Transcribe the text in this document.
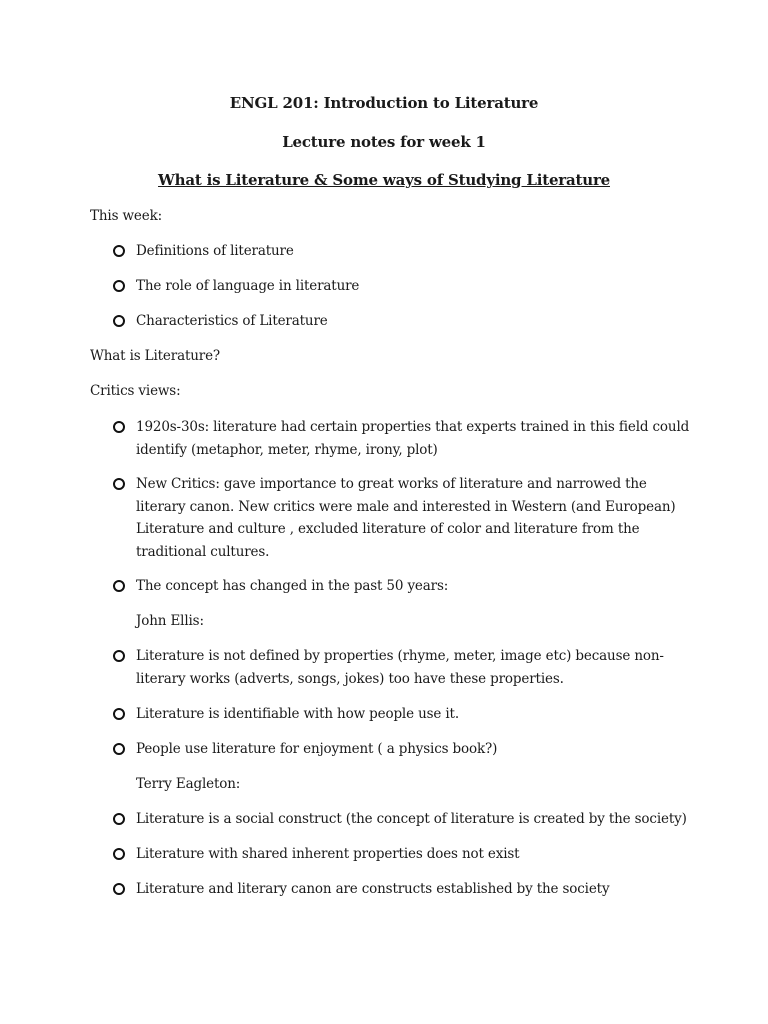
ENGL 201: Introduction to Literature
Lecture notes for week 1
What is Literature & Some ways of Studying Literature
This week:
Definitions of literature
The role of language in literature
Characteristics of Literature
What is Literature?
Critics views:
1920s-30s: literature had certain properties that experts trained in this field could identify (metaphor, meter, rhyme, irony, plot)
New Critics: gave importance to great works of literature and narrowed the literary canon. New critics were male and interested in Western (and European) Literature and culture , excluded literature of color and literature from the traditional cultures.
The concept has changed in the past 50 years:
John Ellis:
Literature is not defined by properties (rhyme, meter, image etc) because non-literary works (adverts, songs, jokes) too have these properties.
Literature is identifiable with how people use it.
People use literature for enjoyment ( a physics book?)
Terry Eagleton:
Literature is a social construct (the concept of literature is created by the society)
Literature with shared inherent properties does not exist
Literature and literary canon are constructs established by the society
